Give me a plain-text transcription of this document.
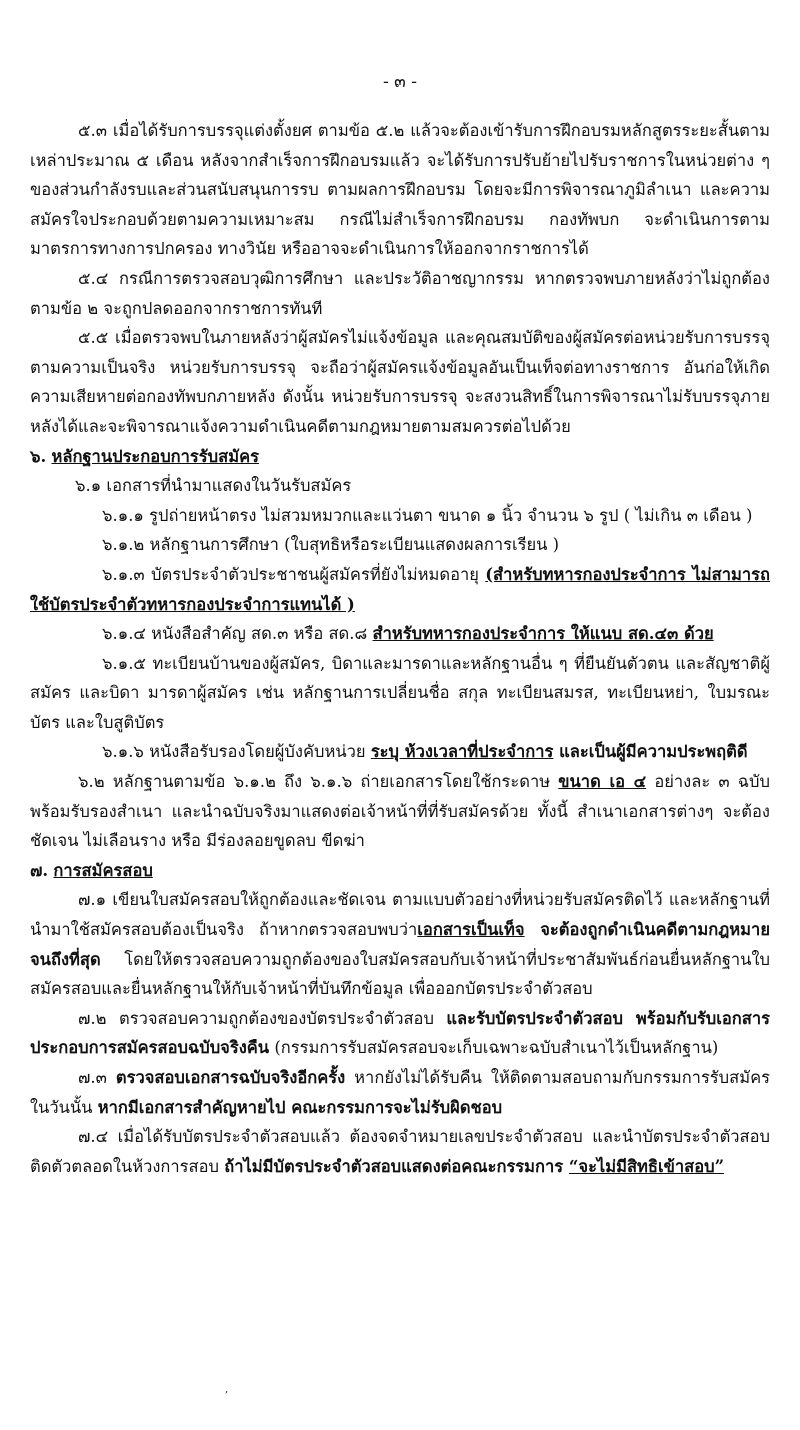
- ๓ -

๕.๓ เมื่อได้รับการบรรจุแต่งตั้งยศ ตามข้อ ๕.๒ แล้วจะต้องเข้ารับการฝึกอบรมหลักสูตรระยะสั้นตามเหล่าประมาณ ๕ เดือน หลังจากสำเร็จการฝึกอบรมแล้ว จะได้รับการปรับย้ายไปรับราชการในหน่วยต่าง ๆ ของส่วนกำลังรบและส่วนสนับสนุนการรบ ตามผลการฝึกอบรม โดยจะมีการพิจารณาภูมิลำเนา และความสมัครใจประกอบด้วยตามความเหมาะสม กรณีไม่สำเร็จการฝึกอบรม กองทัพบก จะดำเนินการตามมาตรการทางการปกครอง ทางวินัย หรืออาจจะดำเนินการให้ออกจากราชการได้

๕.๔ กรณีการตรวจสอบวุฒิการศึกษา และประวัติอาชญากรรม หากตรวจพบภายหลังว่าไม่ถูกต้องตามข้อ ๒ จะถูกปลดออกจากราชการทันที

๕.๕ เมื่อตรวจพบในภายหลังว่าผู้สมัครไม่แจ้งข้อมูล และคุณสมบัติของผู้สมัครต่อหน่วยรับการบรรจุตามความเป็นจริง หน่วยรับการบรรจุ จะถือว่าผู้สมัครแจ้งข้อมูลอันเป็นเท็จต่อทางราชการ อันก่อให้เกิดความเสียหายต่อกองทัพบกภายหลัง ดังนั้น หน่วยรับการบรรจุ จะสงวนสิทธิ์ในการพิจารณาไม่รับบรรจุภายหลังได้และจะพิจารณาแจ้งความดำเนินคดีตามกฎหมายตามสมควรต่อไปด้วย

๖. หลักฐานประกอบการรับสมัคร

๖.๑ เอกสารที่นำมาแสดงในวันรับสมัคร

๖.๑.๑ รูปถ่ายหน้าตรง ไม่สวมหมวกและแว่นตา ขนาด ๑ นิ้ว จำนวน ๖ รูป ( ไม่เกิน ๓ เดือน )

๖.๑.๒ หลักฐานการศึกษา (ใบสุทธิหรือระเบียนแสดงผลการเรียน )

๖.๑.๓ บัตรประจำตัวประชาชนผู้สมัครที่ยังไม่หมดอายุ (สำหรับทหารกองประจำการ ไม่สามารถใช้บัตรประจำตัวทหารกองประจำการแทนได้ )

๖.๑.๔ หนังสือสำคัญ สด.๓ หรือ สด.๘ สำหรับทหารกองประจำการ ให้แนบ สด.๔๓ ด้วย

๖.๑.๕ ทะเบียนบ้านของผู้สมัคร, บิดาและมารดาและหลักฐานอื่น ๆ ที่ยืนยันตัวตน และสัญชาติผู้สมัคร และบิดา มารดาผู้สมัคร เช่น หลักฐานการเปลี่ยนชื่อ สกุล ทะเบียนสมรส, ทะเบียนหย่า, ใบมรณะบัตร และใบสูติบัตร

๖.๑.๖ หนังสือรับรองโดยผู้บังคับหน่วย ระบุ ห้วงเวลาที่ประจำการ และเป็นผู้มีความประพฤติดี

๖.๒ หลักฐานตามข้อ ๖.๑.๒ ถึง ๖.๑.๖ ถ่ายเอกสารโดยใช้กระดาษ ขนาด เอ ๔ อย่างละ ๓ ฉบับพร้อมรับรองสำเนา และนำฉบับจริงมาแสดงต่อเจ้าหน้าที่ที่รับสมัครด้วย ทั้งนี้ สำเนาเอกสารต่างๆ จะต้องชัดเจน ไม่เลือนราง หรือ มีร่องลอยขูดลบ ขีดฆ่า

๗. การสมัครสอบ

๗.๑ เขียนใบสมัครสอบให้ถูกต้องและชัดเจน ตามแบบตัวอย่างที่หน่วยรับสมัครติดไว้ และหลักฐานที่นำมาใช้สมัครสอบต้องเป็นจริง ถ้าหากตรวจสอบพบว่าเอกสารเป็นเท็จ จะต้องถูกดำเนินคดีตามกฎหมายจนถึงที่สุด โดยให้ตรวจสอบความถูกต้องของใบสมัครสอบกับเจ้าหน้าที่ประชาสัมพันธ์ก่อนยื่นหลักฐานใบสมัครสอบและยื่นหลักฐานให้กับเจ้าหน้าที่บันทึกข้อมูล เพื่อออกบัตรประจำตัวสอบ

๗.๒ ตรวจสอบความถูกต้องของบัตรประจำตัวสอบ และรับบัตรประจำตัวสอบ พร้อมกับรับเอกสารประกอบการสมัครสอบฉบับจริงคืน (กรรมการรับสมัครสอบจะเก็บเฉพาะฉบับสำเนาไว้เป็นหลักฐาน)

๗.๓ ตรวจสอบเอกสารฉบับจริงอีกครั้ง หากยังไม่ได้รับคืน ให้ติดตามสอบถามกับกรรมการรับสมัครในวันนั้น หากมีเอกสารสำคัญหายไป คณะกรรมการจะไม่รับผิดชอบ

๗.๔ เมื่อได้รับบัตรประจำตัวสอบแล้ว ต้องจดจำหมายเลขประจำตัวสอบ และนำบัตรประจำตัวสอบติดตัวตลอดในห้วงการสอบ ถ้าไม่มีบัตรประจำตัวสอบแสดงต่อคณะกรรมการ “จะไม่มีสิทธิเข้าสอบ”

,
